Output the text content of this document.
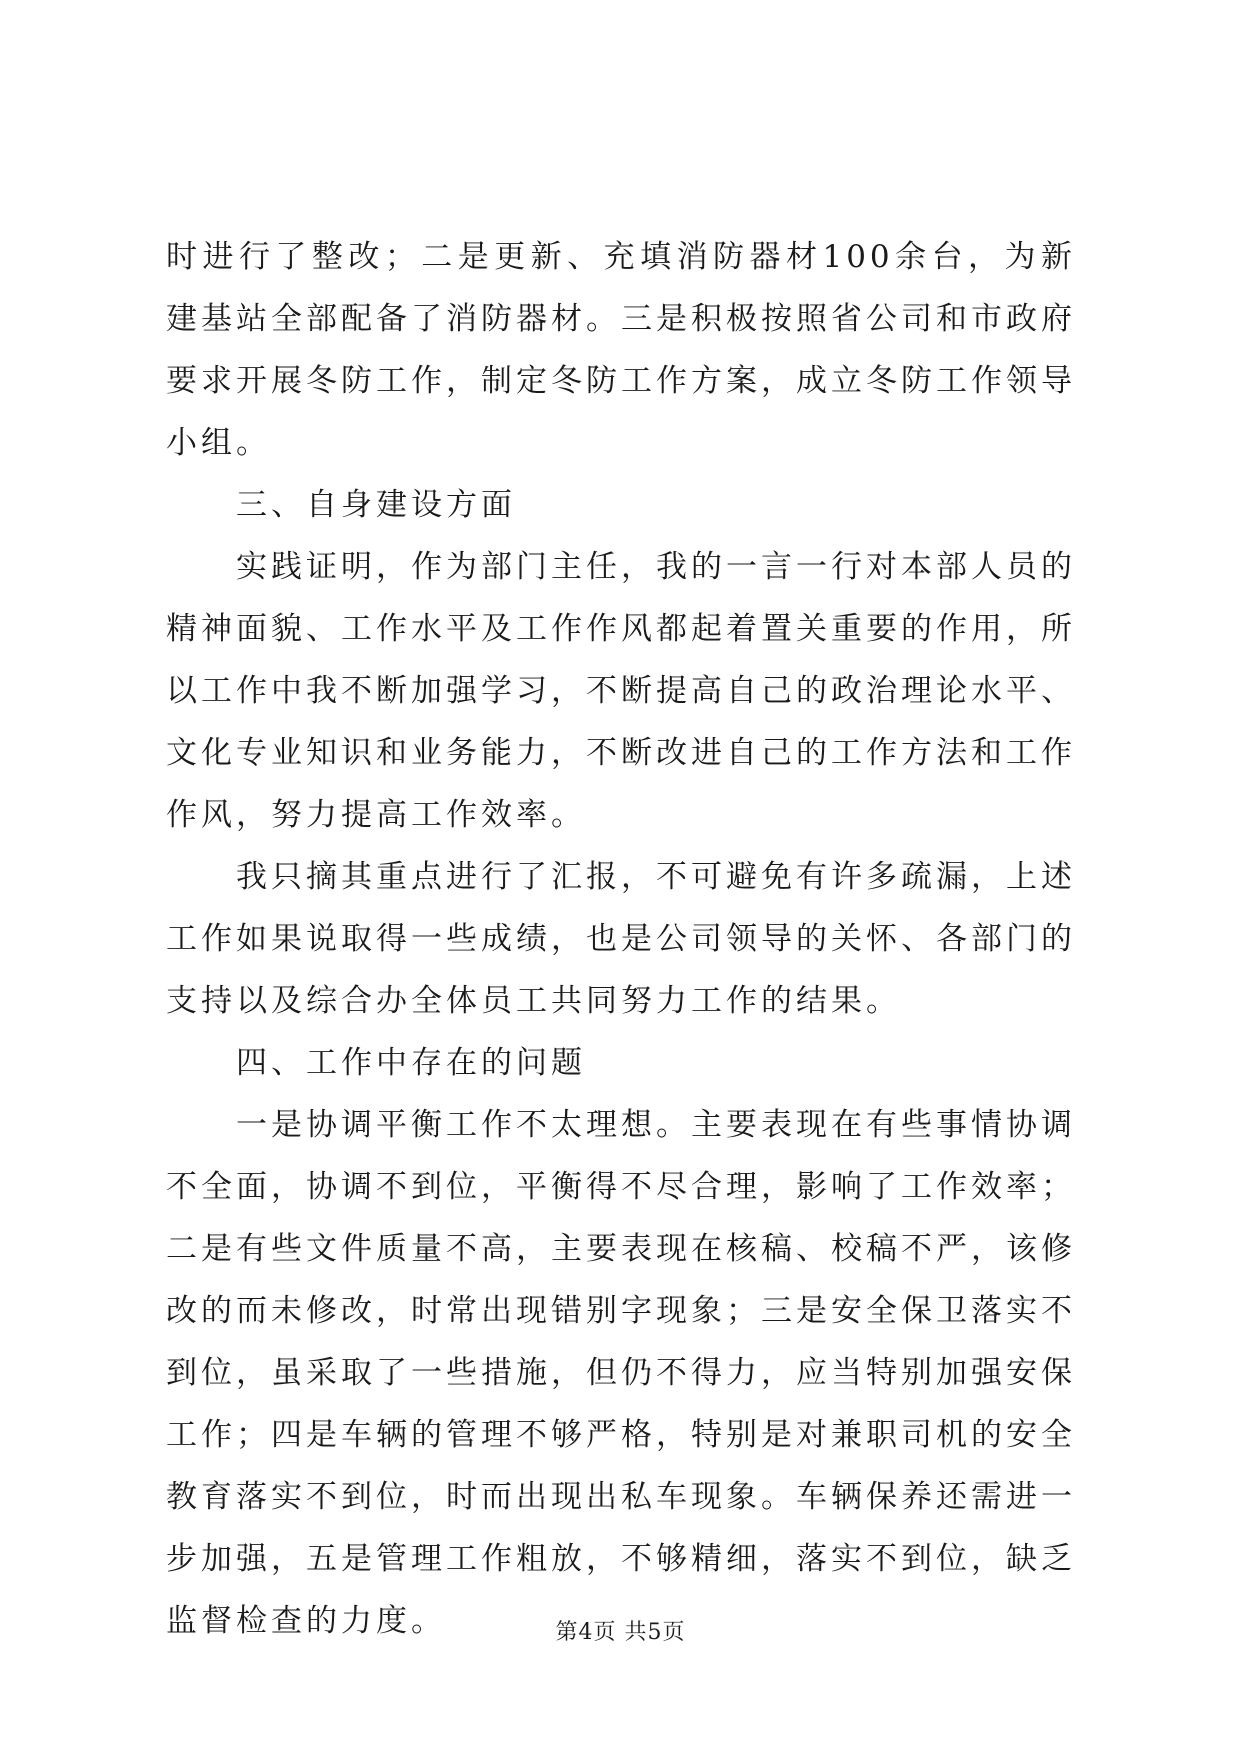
时进行了整改；二是更新、充填消防器材100余台，为新建基站全部配备了消防器材。三是积极按照省公司和市政府要求开展冬防工作，制定冬防工作方案，成立冬防工作领导小组。

三、自身建设方面

实践证明，作为部门主任，我的一言一行对本部人员的精神面貌、工作水平及工作作风都起着置关重要的作用，所以工作中我不断加强学习，不断提高自己的政治理论水平、文化专业知识和业务能力，不断改进自己的工作方法和工作作风，努力提高工作效率。

我只摘其重点进行了汇报，不可避免有许多疏漏，上述工作如果说取得一些成绩，也是公司领导的关怀、各部门的支持以及综合办全体员工共同努力工作的结果。

四、工作中存在的问题

一是协调平衡工作不太理想。主要表现在有些事情协调不全面，协调不到位，平衡得不尽合理，影响了工作效率；二是有些文件质量不高，主要表现在核稿、校稿不严，该修改的而未修改，时常出现错别字现象；三是安全保卫落实不到位，虽采取了一些措施，但仍不得力，应当特别加强安保工作；四是车辆的管理不够严格，特别是对兼职司机的安全教育落实不到位，时而出现出私车现象。车辆保养还需进一步加强，五是管理工作粗放，不够精细，落实不到位，缺乏监督检查的力度。	第4页 共5页
